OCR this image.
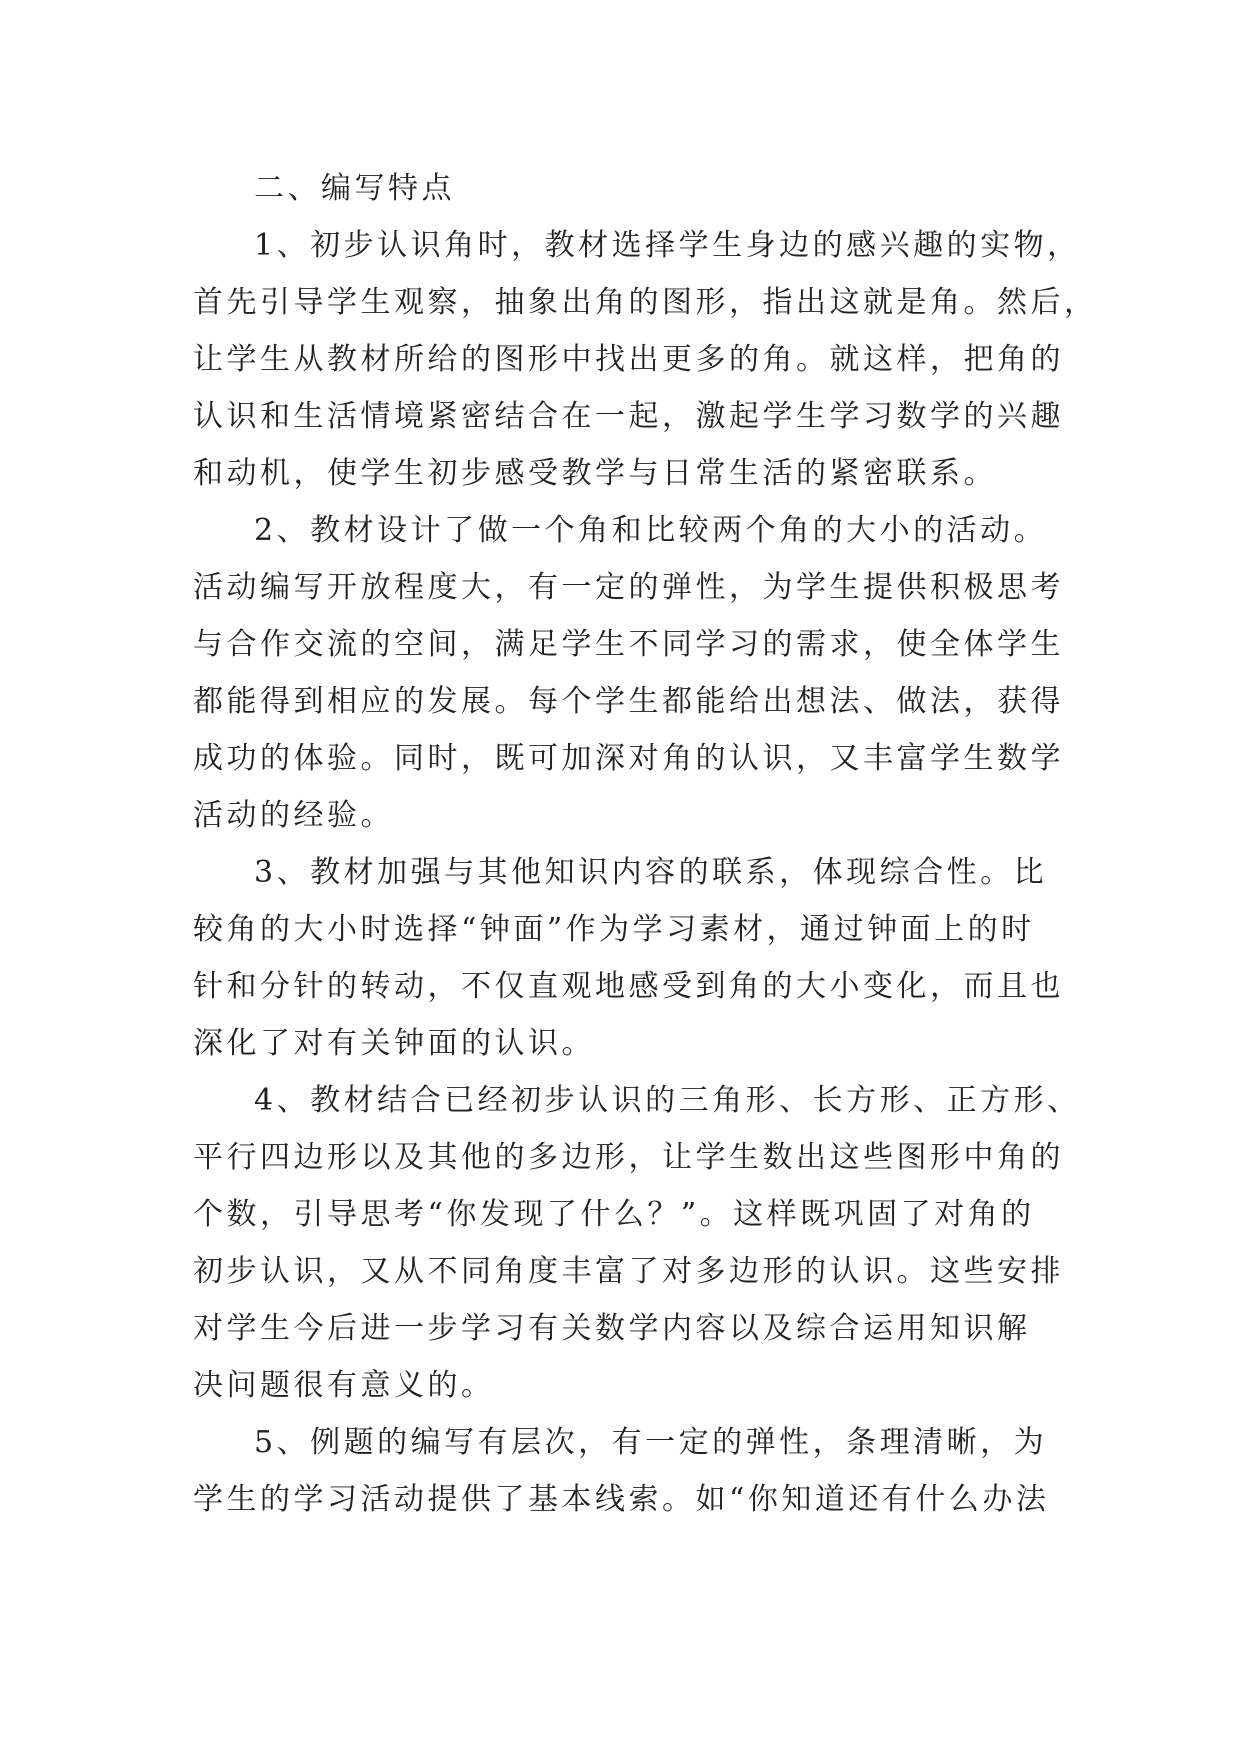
二、编写特点
1、初步认识角时，教材选择学生身边的感兴趣的实物，
首先引导学生观察，抽象出角的图形，指出这就是角。然后，
让学生从教材所给的图形中找出更多的角。就这样，把角的
认识和生活情境紧密结合在一起，激起学生学习数学的兴趣
和动机，使学生初步感受教学与日常生活的紧密联系。
2、教材设计了做一个角和比较两个角的大小的活动。
活动编写开放程度大，有一定的弹性，为学生提供积极思考
与合作交流的空间，满足学生不同学习的需求，使全体学生
都能得到相应的发展。每个学生都能给出想法、做法，获得
成功的体验。同时，既可加深对角的认识，又丰富学生数学
活动的经验。
3、教材加强与其他知识内容的联系，体现综合性。比
较角的大小时选择“钟面”作为学习素材，通过钟面上的时
针和分针的转动，不仅直观地感受到角的大小变化，而且也
深化了对有关钟面的认识。
4、教材结合已经初步认识的三角形、长方形、正方形、
平行四边形以及其他的多边形，让学生数出这些图形中角的
个数，引导思考“你发现了什么？”。这样既巩固了对角的
初步认识，又从不同角度丰富了对多边形的认识。这些安排
对学生今后进一步学习有关数学内容以及综合运用知识解
决问题很有意义的。
5、例题的编写有层次，有一定的弹性，条理清晰，为
学生的学习活动提供了基本线索。如“你知道还有什么办法
